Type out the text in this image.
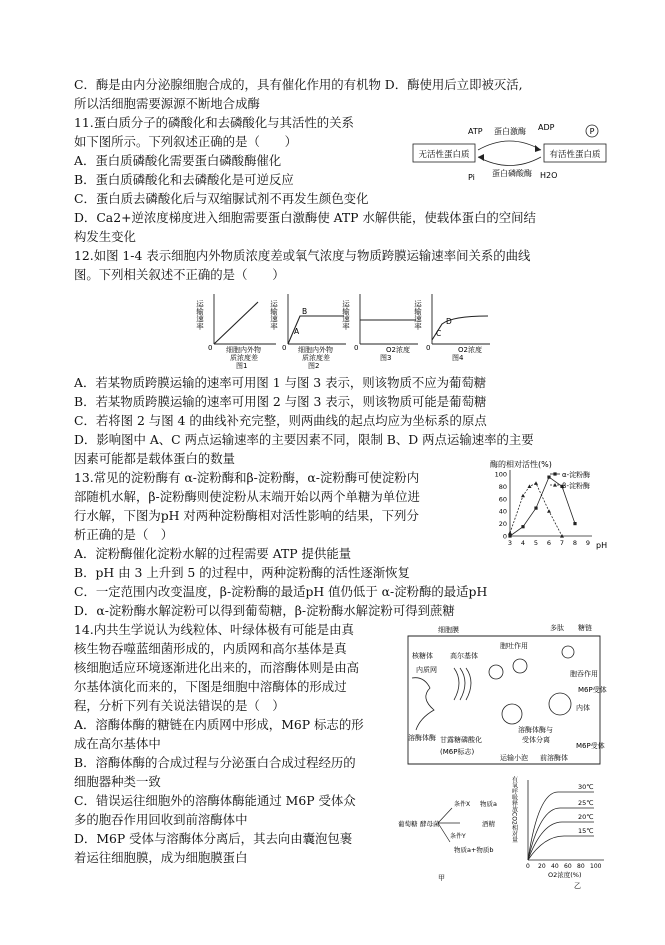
C．酶是由内分泌腺细胞合成的，具有催化作用的有机物 D．酶使用后立即被灭活,
所以活细胞需要源源不断地合成酶
11.蛋白质分子的磷酸化和去磷酸化与其活性的关系
如下图所示。下列叙述正确的是（　　）
A．蛋白质磷酸化需要蛋白磷酸酶催化
B．蛋白质磷酸化和去磷酸化是可逆反应
C．蛋白质去磷酸化后与双缩脲试剂不再发生颜色变化
D．Ca2+逆浓度梯度进入细胞需要蛋白激酶使 ATP 水解供能，使载体蛋白的空间结
构发生变化
12.如图 1-4 表示细胞内外物质浓度差或氧气浓度与物质跨膜运输速率间关系的曲线
图。下列相关叙述不正确的是（　　）
A．若某物质跨膜运输的速率可用图 1 与图 3 表示，则该物质不应为葡萄糖
B．若某物质跨膜运输的速率可用图 2 与图 3 表示，则该物质可能是葡萄糖
C．若将图 2 与图 4 的曲线补充完整，则两曲线的起点均应为坐标系的原点
D．影响图中 A、C 两点运输速率的主要因素不同，限制 B、D 两点运输速率的主要
因素可能都是载体蛋白的数量
13.常见的淀粉酶有 α-淀粉酶和β-淀粉酶，α-淀粉酶可使淀粉内
部随机水解，β-淀粉酶则使淀粉从末端开始以两个单糖为单位进
行水解，下图为pH 对两种淀粉酶相对活性影响的结果，下列分
析正确的是（　）
A．淀粉酶催化淀粉水解的过程需要 ATP 提供能量
B．pH 由 3 上升到 5 的过程中，两种淀粉酶的活性逐渐恢复
C．一定范围内改变温度，β-淀粉酶的最适pH 值仍低于 α-淀粉酶的最适pH
D．α-淀粉酶水解淀粉可以得到葡萄糖，β-淀粉酶水解淀粉可得到蔗糖
14.内共生学说认为线粒体、叶绿体极有可能是由真
核生物吞噬蓝细菌形成的，内质网和高尔基体是真
核细胞适应环境逐渐进化出来的，而溶酶体则是由高
尔基体演化而来的，下图是细胞中溶酶体的形成过
程，分析下列有关说法错误的是（　）
A．溶酶体酶的糖链在内质网中形成，M6P 标志的形
成在高尔基体中
B．溶酶体酶的合成过程与分泌蛋白合成过程经历的
细胞器种类一致
C．错误运往细胞外的溶酶体酶能通过 M6P 受体众
多的胞吞作用回收到前溶酶体中
D．M6P 受体与溶酶体分离后，其去向由囊泡包裹
着运往细胞膜，成为细胞膜蛋白
无活性蛋白质	有活性蛋白质
ATP	ADP	P
蛋白激酶
蛋白磷酸酶
Pi	H2O
运输速率
0 细胞内外物
质浓度差
图1
运输速率
0
A
B
细胞内外物
质浓度差
图2
运输速率
0	O2浓度
图3
运输速率
0
C
D
O2浓度
图4
酶的相对活性(%)
100
80
60
40
20
0
3 4 5 6 7 8 9 pH
α-淀粉酶
β-淀粉酶
细胞膜
胞吐作用
多肽 糖链
核糖体
内质网
高尔基体
胞吞作用
M6P受体
内体
溶酶体酶与
受体分离
溶酶体酶 甘露糖磷酸化
(M6P标志)
M6P受体
运输小泡 前溶酶体
葡萄糖 酵母菌
条件X
条件Y
物质a
酒精
物质a+物质b
甲
有氧呼吸释放CO2相对量	30℃
25℃
20℃
15℃
0 20 40 60 80 100
O2浓度(%)
乙
